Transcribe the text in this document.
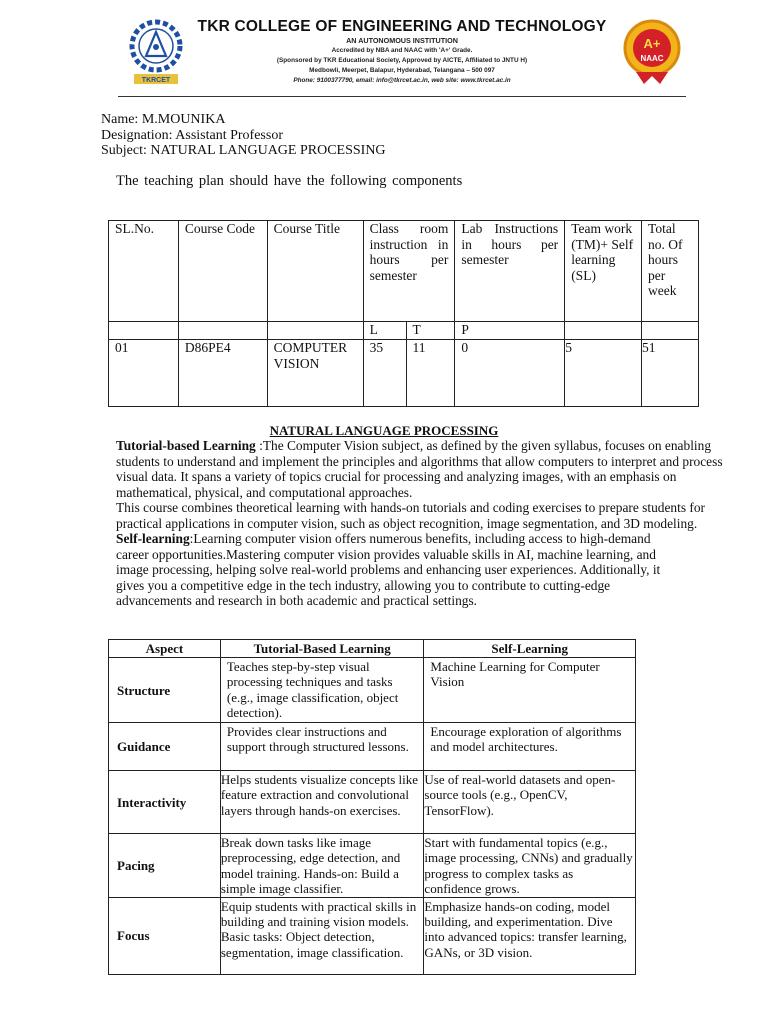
TKRCET
TKR COLLEGE OF ENGINEERING AND TECHNOLOGY
AN AUTONOMOUS INSTITUTION
Accredited by NBA and NAAC with 'A+' Grade.
(Sponsored by TKR Educational Society, Approved by AICTE, Affiliated to JNTU H)
Medbowli, Meerpet, Balapur, Hyderabad, Telangana – 500 097
Phone: 9100377790, email: info@tkrcet.ac.in, web site: www.tkrcet.ac.in
A+
NAAC
Name: M.MOUNIKA
Designation: Assistant Professor
Subject: NATURAL LANGUAGE PROCESSING
The teaching plan should have the following components
SL.No.	Course Code	Course Title	Class room instruction in hours per semester		Lab Instructions in hours per semester	Team work (TM)+ Self learning (SL)	Total no. Of hours per week
			L	T	P		
01	D86PE4	COMPUTER VISION	35	11	0	5	51
NATURAL LANGUAGE PROCESSING

Tutorial-based Learning :The Computer Vision subject, as defined by the given syllabus, focuses on enabling students to understand and implement the principles and algorithms that allow computers to interpret and process visual data. It spans a variety of topics crucial for processing and analyzing images, with an emphasis on mathematical, physical, and computational approaches.

This course combines theoretical learning with hands-on tutorials and coding exercises to prepare students for practical applications in computer vision, such as object recognition, image segmentation, and 3D modeling.

Self-learning:Learning computer vision offers numerous benefits, including access to high-demand career opportunities.Mastering computer vision provides valuable skills in AI, machine learning, and image processing, helping solve real-world problems and enhancing user experiences. Additionally, it gives you a competitive edge in the tech industry, allowing you to contribute to cutting-edge advancements and research in both academic and practical settings.

Aspect	Tutorial-Based Learning	Self-Learning
Structure	Teaches step-by-step visual processing techniques and tasks (e.g., image classification, object detection).	Machine Learning for Computer Vision
Guidance	Provides clear instructions and support through structured lessons.	Encourage exploration of algorithms and model architectures.
Interactivity	Helps students visualize concepts like feature extraction and convolutional layers through hands-on exercises.	Use of real-world datasets and open-source tools (e.g., OpenCV, TensorFlow).
Pacing	Break down tasks like image preprocessing, edge detection, and model training. Hands-on: Build a simple image classifier.	Start with fundamental topics (e.g., image processing, CNNs) and gradually progress to complex tasks as confidence grows.
Focus	Equip students with practical skills in building and training vision models. Basic tasks: Object detection, segmentation, image classification.	Emphasize hands-on coding, model building, and experimentation. Dive into advanced topics: transfer learning, GANs, or 3D vision.
